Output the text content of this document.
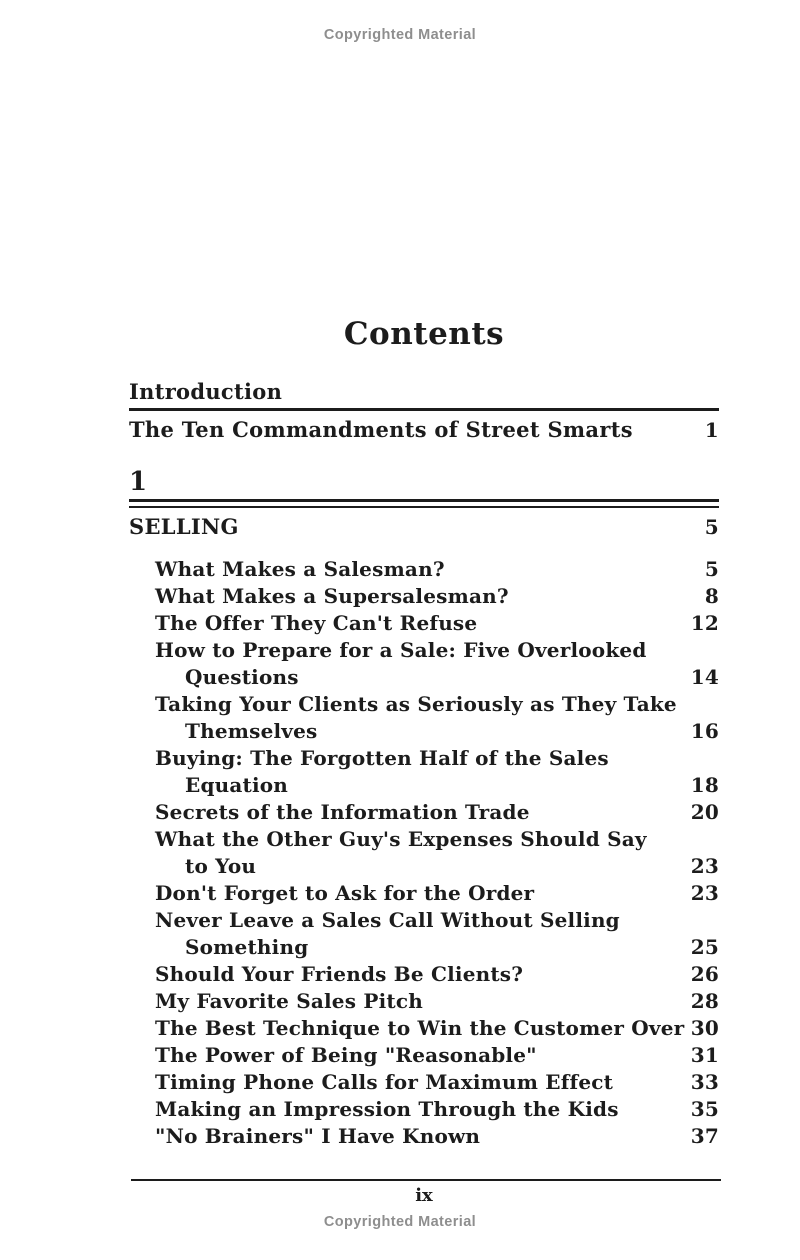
Copyrighted Material
Contents
Introduction
The Ten Commandments of Street Smarts	1
1
SELLING	5
What Makes a Salesman?	5
What Makes a Supersalesman?	8
The Offer They Can't Refuse	12
How to Prepare for a Sale: Five Overlooked
Questions	14
Taking Your Clients as Seriously as They Take
Themselves	16
Buying: The Forgotten Half of the Sales
Equation	18
Secrets of the Information Trade	20
What the Other Guy's Expenses Should Say
to You	23
Don't Forget to Ask for the Order	23
Never Leave a Sales Call Without Selling
Something	25
Should Your Friends Be Clients?	26
My Favorite Sales Pitch	28
The Best Technique to Win the Customer Over 30
The Power of Being "Reasonable"	31
Timing Phone Calls for Maximum Effect	33
Making an Impression Through the Kids	35
"No Brainers" I Have Known	37
ix
Copyrighted Material
